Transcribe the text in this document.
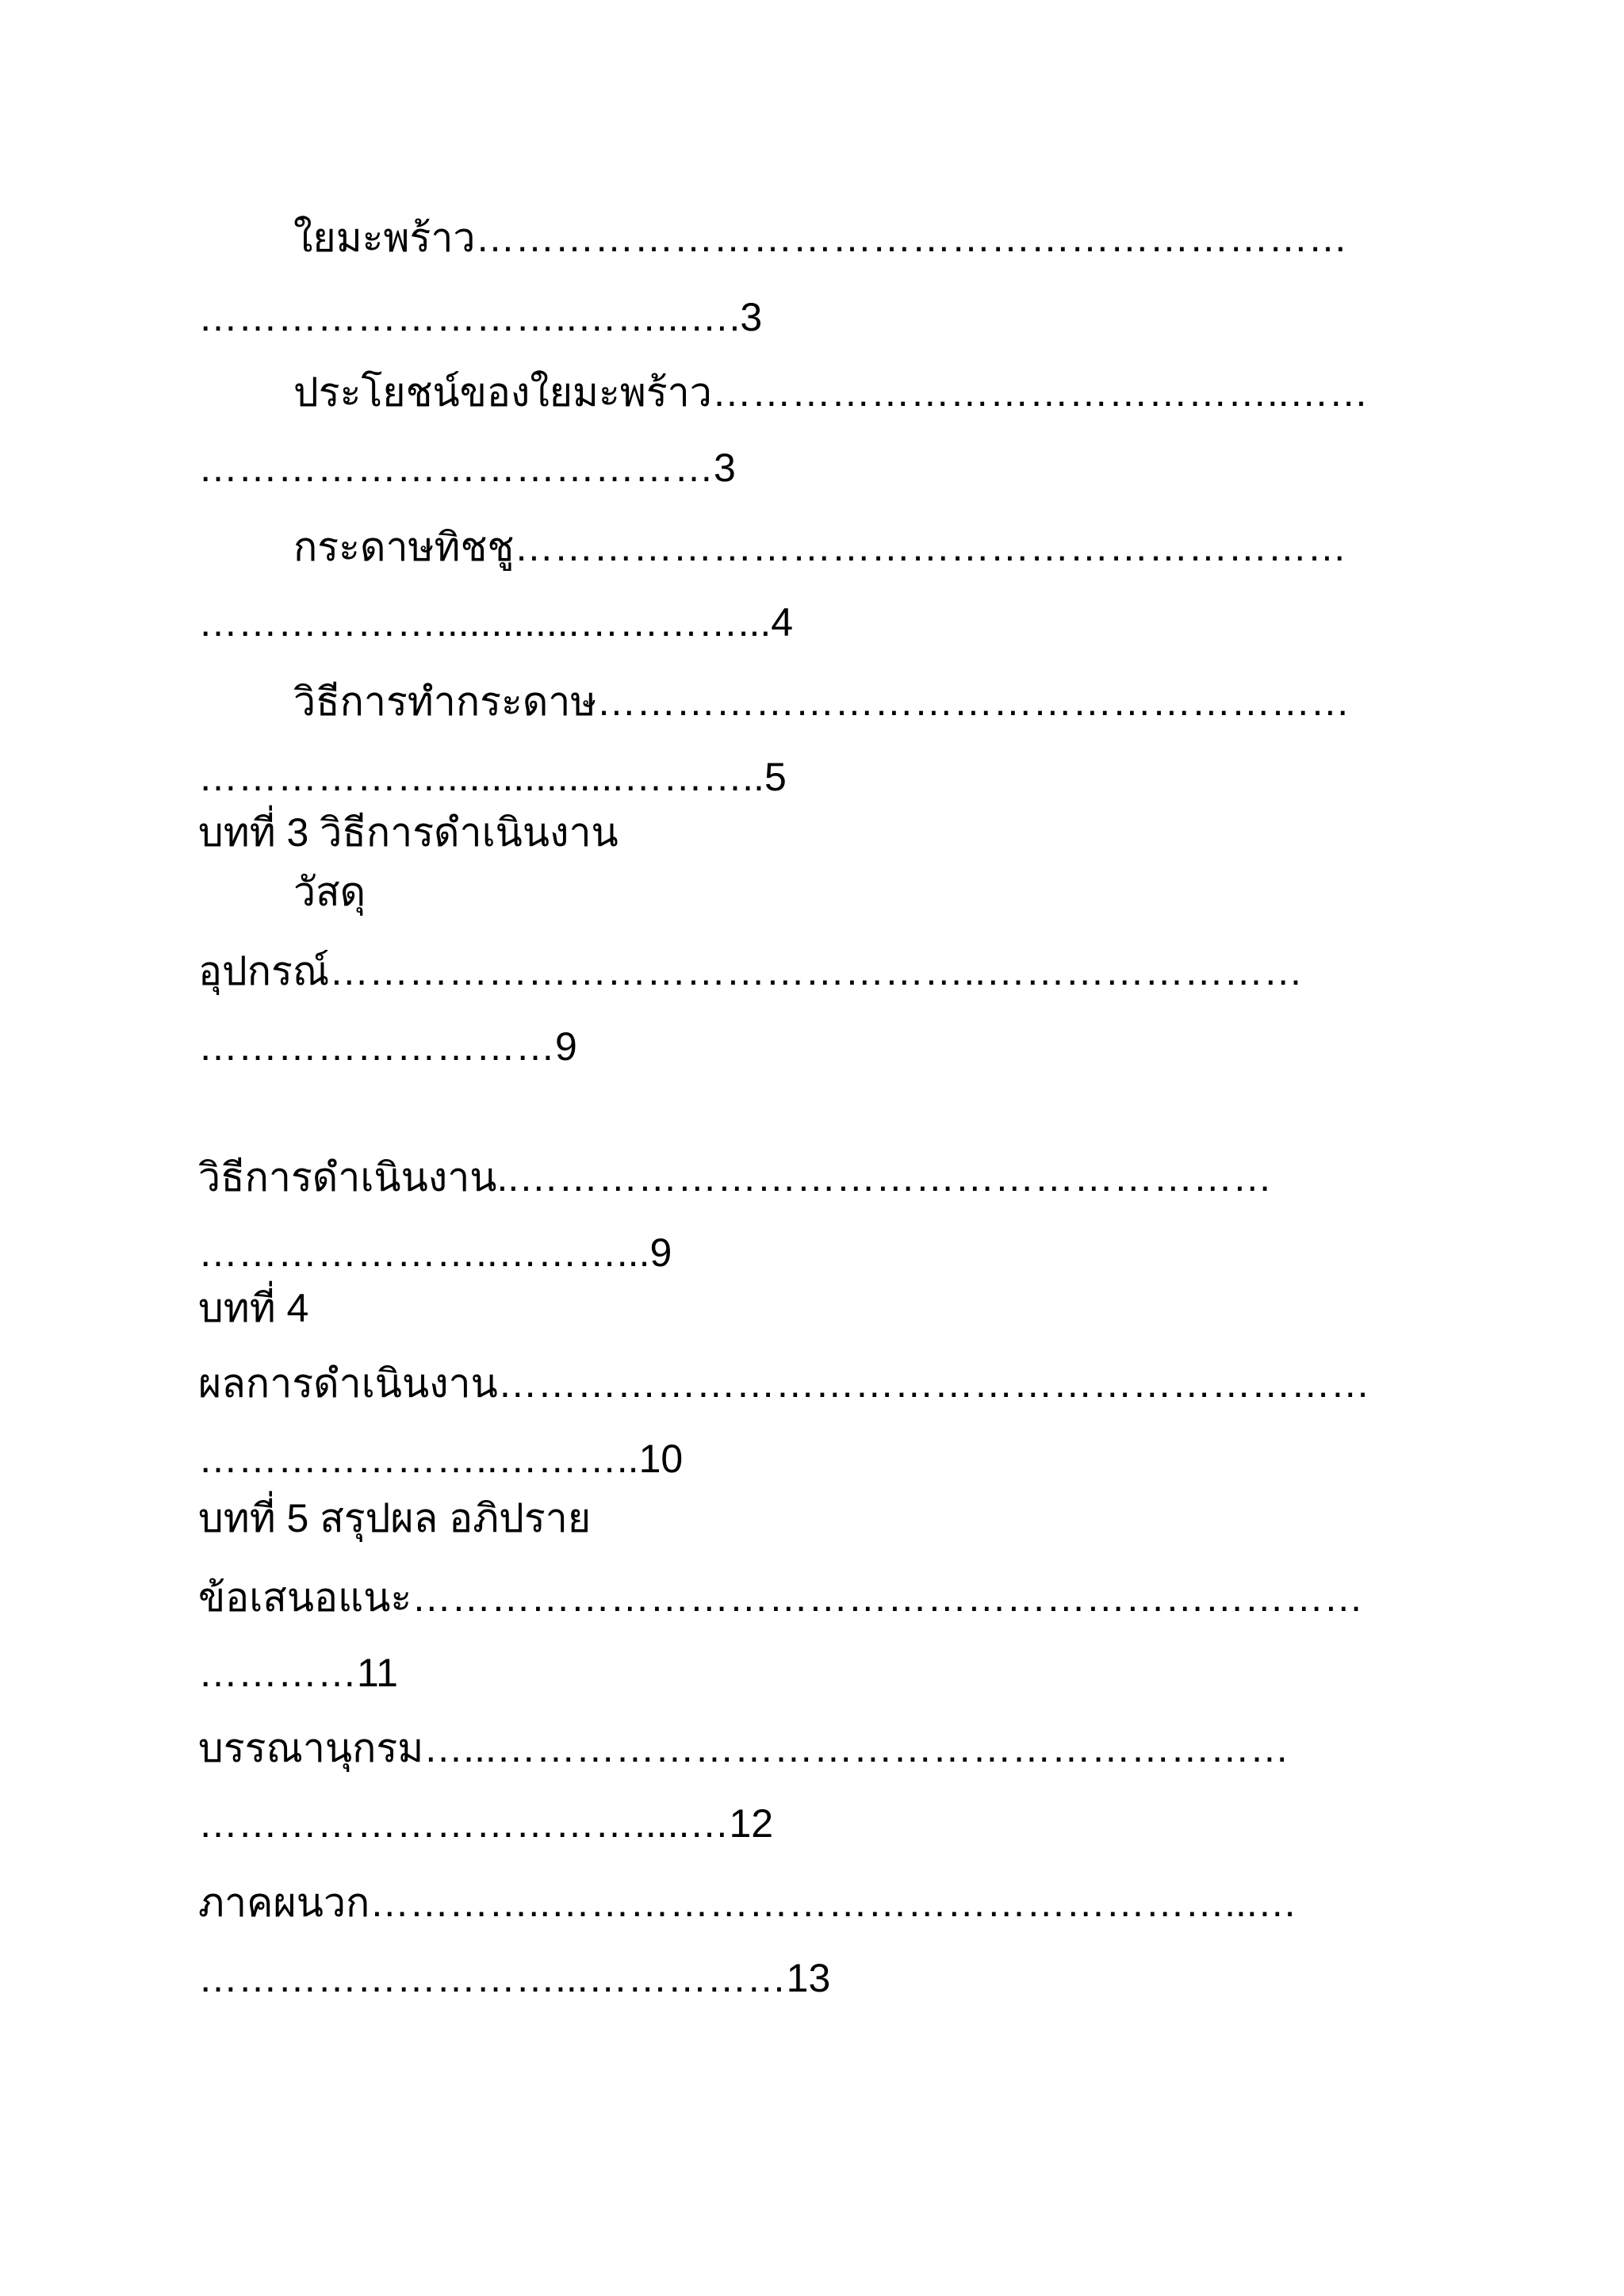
ใยมะพร้าว…………………………………………………………
………………………..……...….3
ประโยชน์ของใยมะพร้าว……………………………………..……
…………………………………3
กระดาษทิชชู………………………………………………………
……………….............…………...4
วิธีการทำกระดาษ…………………………………………………
……………….................………..5
บทที่ 3 วิธีการดำเนินงาน
วัสดุ
อุปกรณ์…………………………………………..……………………
………………………9
วิธีการดำเนินงาน..…………………………………………………
…………………..………...9
บทที่ 4
ผลการดำเนินงาน…………………………………………………………
…………………..………..10
บทที่ 5 สรุปผล อภิปราย
ข้อเสนอแนะ………………………………………………………………
…………11
บรรณานุกรม…...……………………………………………………
…………………………….....…12
ภาคผนวก…………..……………………………………………...…
………………………...……………13
